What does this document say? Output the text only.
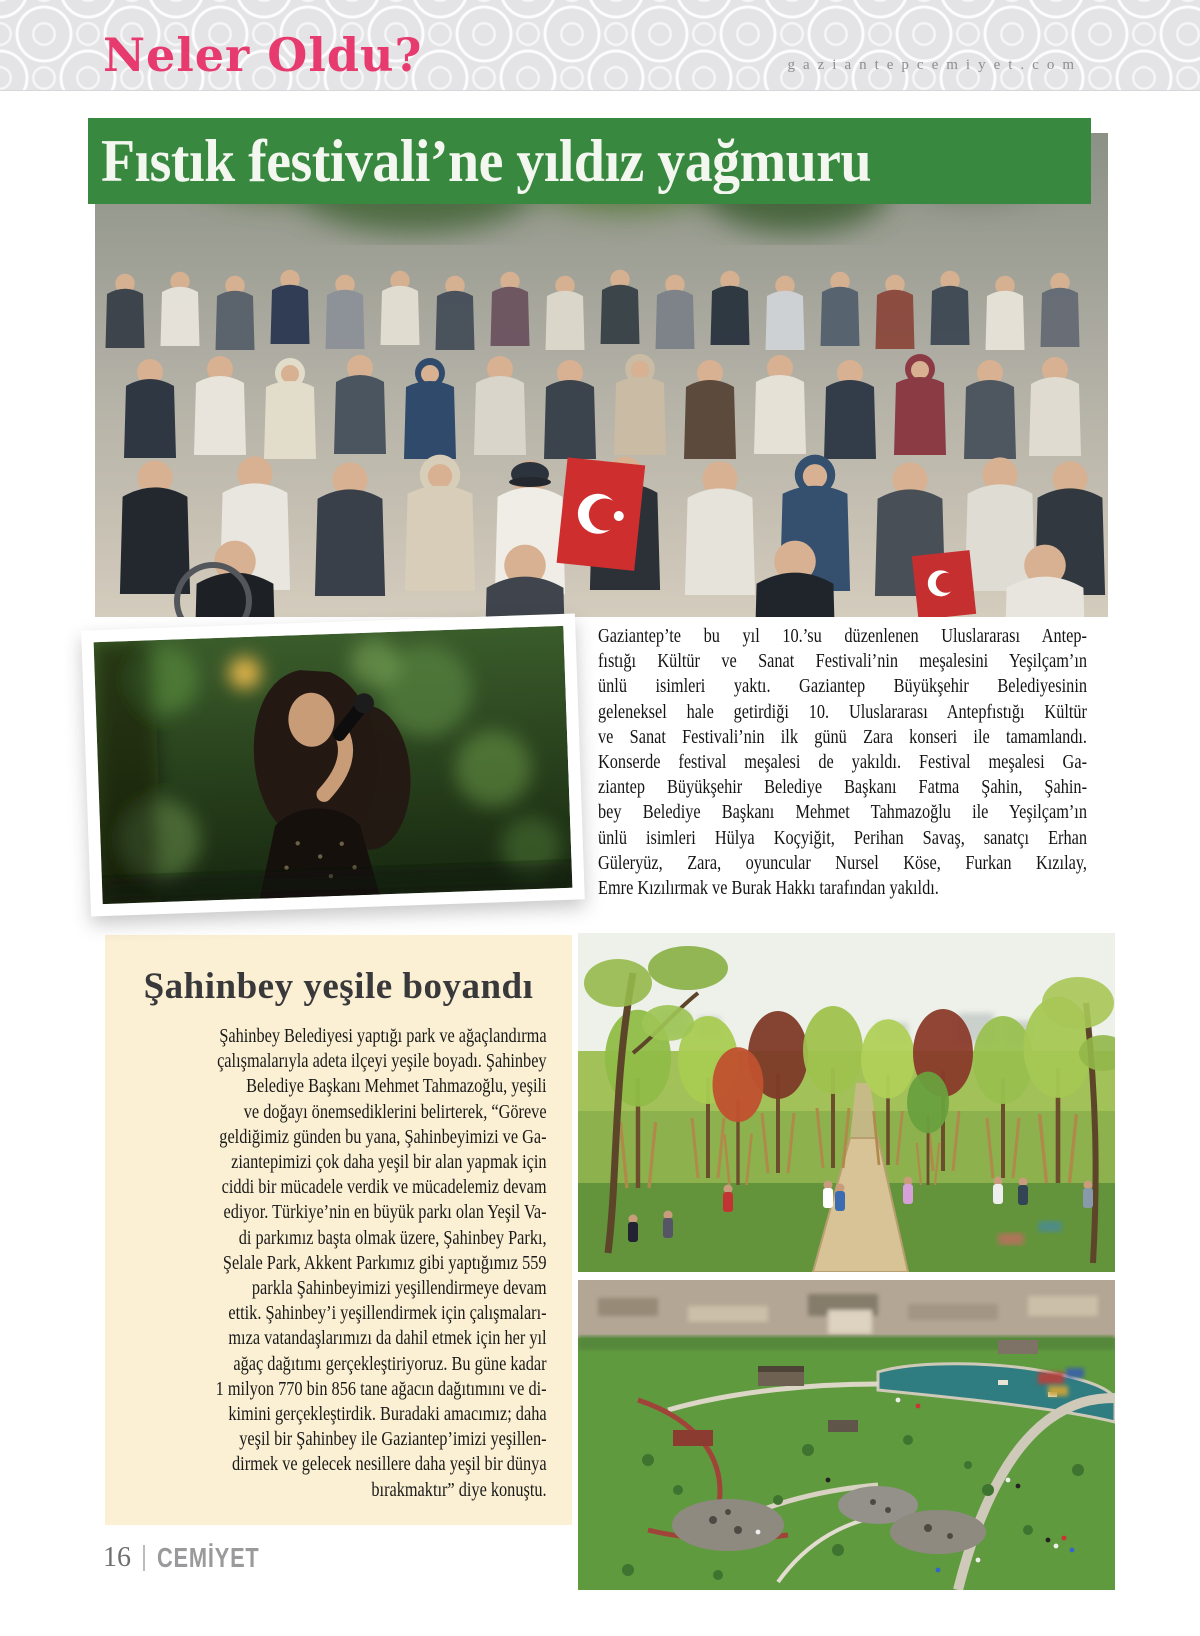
Neler Oldu?	gaziantepcemiyet.com
Fıstık festivali’ne yıldız yağmuru
Gaziantep’te bu yıl 10.’su düzenlenen Uluslararası Antep-
fıstığı Kültür ve Sanat Festivali’nin meşalesini Yeşilçam’ın
ünlü isimleri yaktı. Gaziantep Büyükşehir Belediyesinin
geleneksel hale getirdiği 10. Uluslararası Antepfıstığı Kültür
ve Sanat Festivali’nin ilk günü Zara konseri ile tamamlandı.
Konserde festival meşalesi de yakıldı. Festival meşalesi Ga-
ziantep Büyükşehir Belediye Başkanı Fatma Şahin, Şahin-
bey Belediye Başkanı Mehmet Tahmazoğlu ile Yeşilçam’ın
ünlü isimleri Hülya Koçyiğit, Perihan Savaş, sanatçı Erhan
Güleryüz, Zara, oyuncular Nursel Köse, Furkan Kızılay,
Emre Kızılırmak ve Burak Hakkı tarafından yakıldı.
Şahinbey yeşile boyandı
Şahinbey Belediyesi yaptığı park ve ağaçlandırma
çalışmalarıyla adeta ilçeyi yeşile boyadı. Şahinbey
Belediye Başkanı Mehmet Tahmazoğlu, yeşili
ve doğayı önemsediklerini belirterek, “Göreve
geldiğimiz günden bu yana, Şahinbeyimizi ve Ga-
ziantepimizi çok daha yeşil bir alan yapmak için
ciddi bir mücadele verdik ve mücadelemiz devam
ediyor. Türkiye’nin en büyük parkı olan Yeşil Va-
di parkımız başta olmak üzere, Şahinbey Parkı,
Şelale Park, Akkent Parkımız gibi yaptığımız 559
parkla Şahinbeyimizi yeşillendirmeye devam
ettik. Şahinbey’i yeşillendirmek için çalışmaları-
mıza vatandaşlarımızı da dahil etmek için her yıl
ağaç dağıtımı gerçekleştiriyoruz. Bu güne kadar
1 milyon 770 bin 856 tane ağacın dağıtımını ve di-
kimini gerçekleştirdik. Buradaki amacımız; daha
yeşil bir Şahinbey ile Gaziantep’imizi yeşillen-
dirmek ve gelecek nesillere daha yeşil bir dünya
bırakmaktır” diye konuştu.
16 CEMİYET
